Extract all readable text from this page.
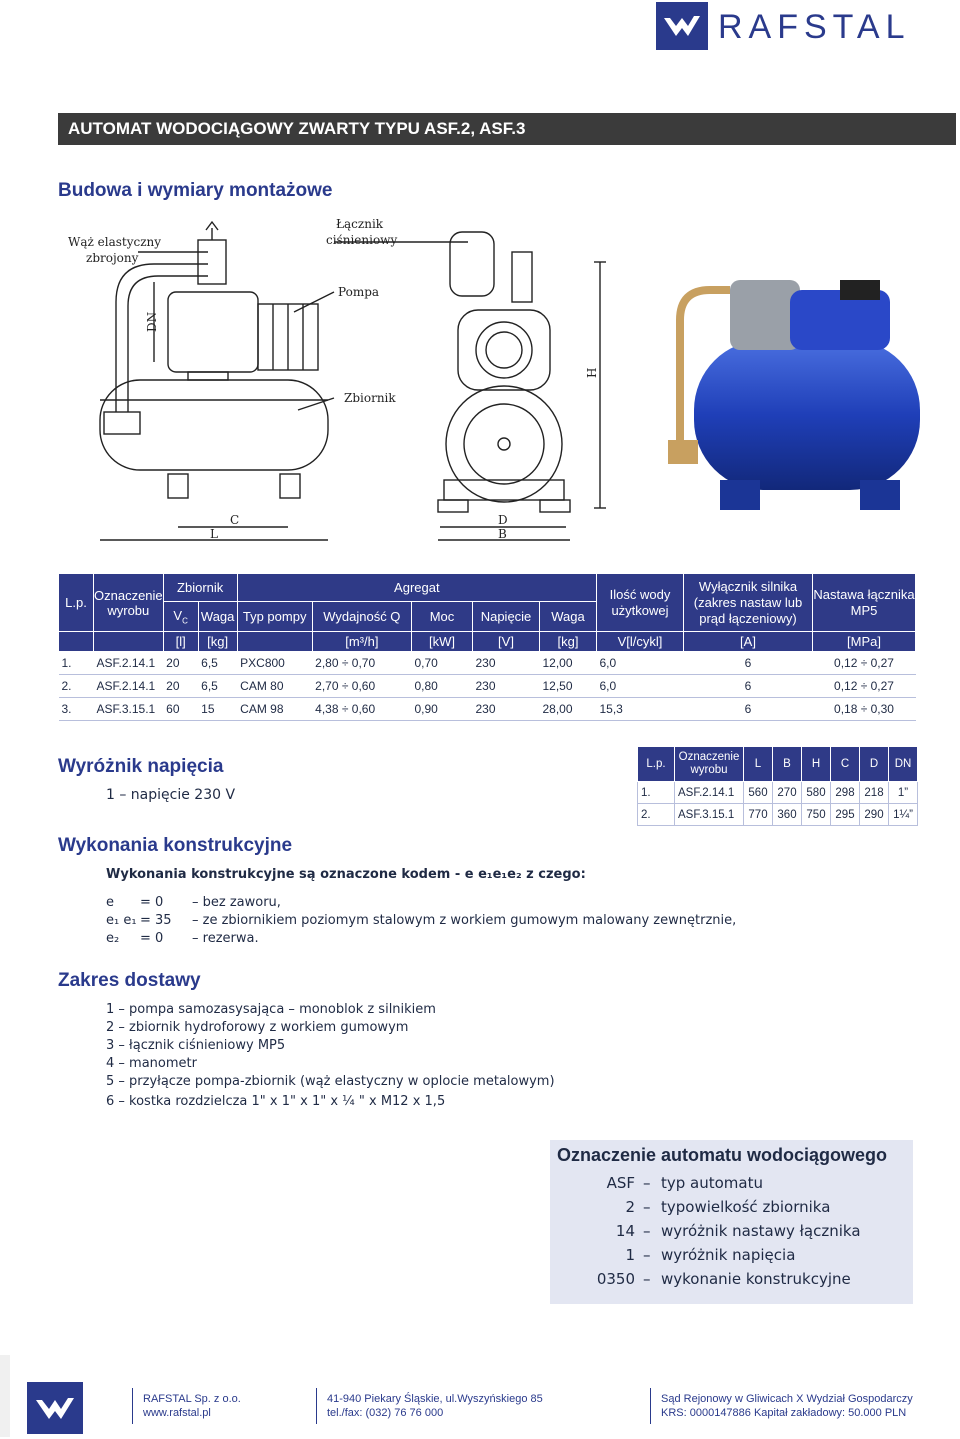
RAFSTAL
AUTOMAT WODOCIĄGOWY ZWARTY TYPU ASF.2, ASF.3
Budowa i wymiary montażowe
Wąż elastyczny
zbrojony
Łącznik
ciśnieniowy
Pompa
Zbiornik
DN
H
C
L
D
B
L.p.	Oznaczenie wyrobu	Zbiornik		Agregat					Ilość wody użytkowej	Wyłącznik silnika (zakres nastaw lub prąd łączeniowy)	Nastawa łącznika MP5
		$V_C$	Waga	Typ pompy	Wydajność Q	Moc	Napięcie	Waga			
		[l]	[kg]		[m³/h]	[kW]	[V]	[kg]	V[l/cykl]	[A]	[MPa]
1.	ASF.2.14.1	20	6,5	PXC800	2,80 ÷ 0,70	0,70	230	12,00	6,0	6	0,12 ÷ 0,27
2.	ASF.2.14.1	20	6,5	CAM 80	2,70 ÷ 0,60	0,80	230	12,50	6,0	6	0,12 ÷ 0,27
3.	ASF.3.15.1	60	15	CAM 98	4,38 ÷ 0,60	0,90	230	28,00	15,3	6	0,18 ÷ 0,30
Wyróżnik napięcia
1 – napięcie 230 V
L.p.	Oznaczenie wyrobu	L	B	H	C	D	DN
1.	ASF.2.14.1	560	270	580	298	218	1”
2.	ASF.3.15.1	770	360	750	295	290	1¼”
Wykonania konstrukcyjne
Wykonania konstrukcyjne są oznaczone kodem - e e₁e₁e₂ z czego:
e = 0 – bez zaworu,
e₁ e₁ = 35 – ze zbiornikiem poziomym stalowym z workiem gumowym malowany zewnętrznie,
e₂ = 0 – rezerwa.
Zakres dostawy
1 – pompa samozasysająca – monoblok z silnikiem
2 – zbiornik hydroforowy z workiem gumowym
3 – łącznik ciśnieniowy MP5
4 – manometr
5 – przyłącze pompa-zbiornik (wąż elastyczny w oplocie metalowym)
6 – kostka rozdzielcza 1" x 1" x 1" x ¼ " x M12 x 1,5
Oznaczenie automatu wodociągowego
ASF – typ automatu
2 – typowielkość zbiornika
14 – wyróżnik nastawy łącznika
1 – wyróżnik napięcia
0350 – wykonanie konstrukcyjne
RAFSTAL Sp. z o.o.
www.rafstal.pl
41-940 Piekary Śląskie, ul.Wyszyńskiego 85
tel./fax: (032) 76 76 000
Sąd Rejonowy w Gliwicach X Wydział Gospodarczy
KRS: 0000147886 Kapitał zakładowy: 50.000 PLN
